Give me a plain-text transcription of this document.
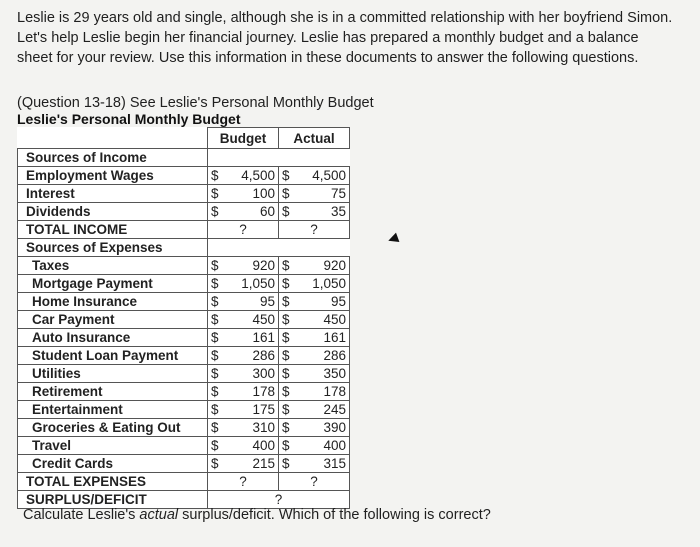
Leslie is 29 years old and single, although she is in a committed relationship with her boyfriend Simon. Let's help Leslie begin her financial journey. Leslie has prepared a monthly budget and a balance sheet for your review. Use this information in these documents to answer the following questions.
(Question 13-18) See Leslie's Personal Monthly Budget
Leslie's Personal Monthly Budget
	Budget		Actual	
Sources of Income				
Employment Wages	$	4,500	$	4,500
Interest	$	100	$	75
Dividends	$	60	$	35
TOTAL INCOME	?		?	
Sources of Expenses				
Taxes	$	920	$	920
Mortgage Payment	$	1,050	$	1,050
Home Insurance	$	95	$	95
Car Payment	$	450	$	450
Auto Insurance	$	161	$	161
Student Loan Payment	$	286	$	286
Utilities	$	300	$	350
Retirement	$	178	$	178
Entertainment	$	175	$	245
Groceries & Eating Out	$	310	$	390
Travel	$	400	$	400
Credit Cards	$	215	$	315
TOTAL EXPENSES	?		?	
SURPLUS/DEFICIT	?			
Calculate Leslie's actual surplus/deficit. Which of the following is correct?
